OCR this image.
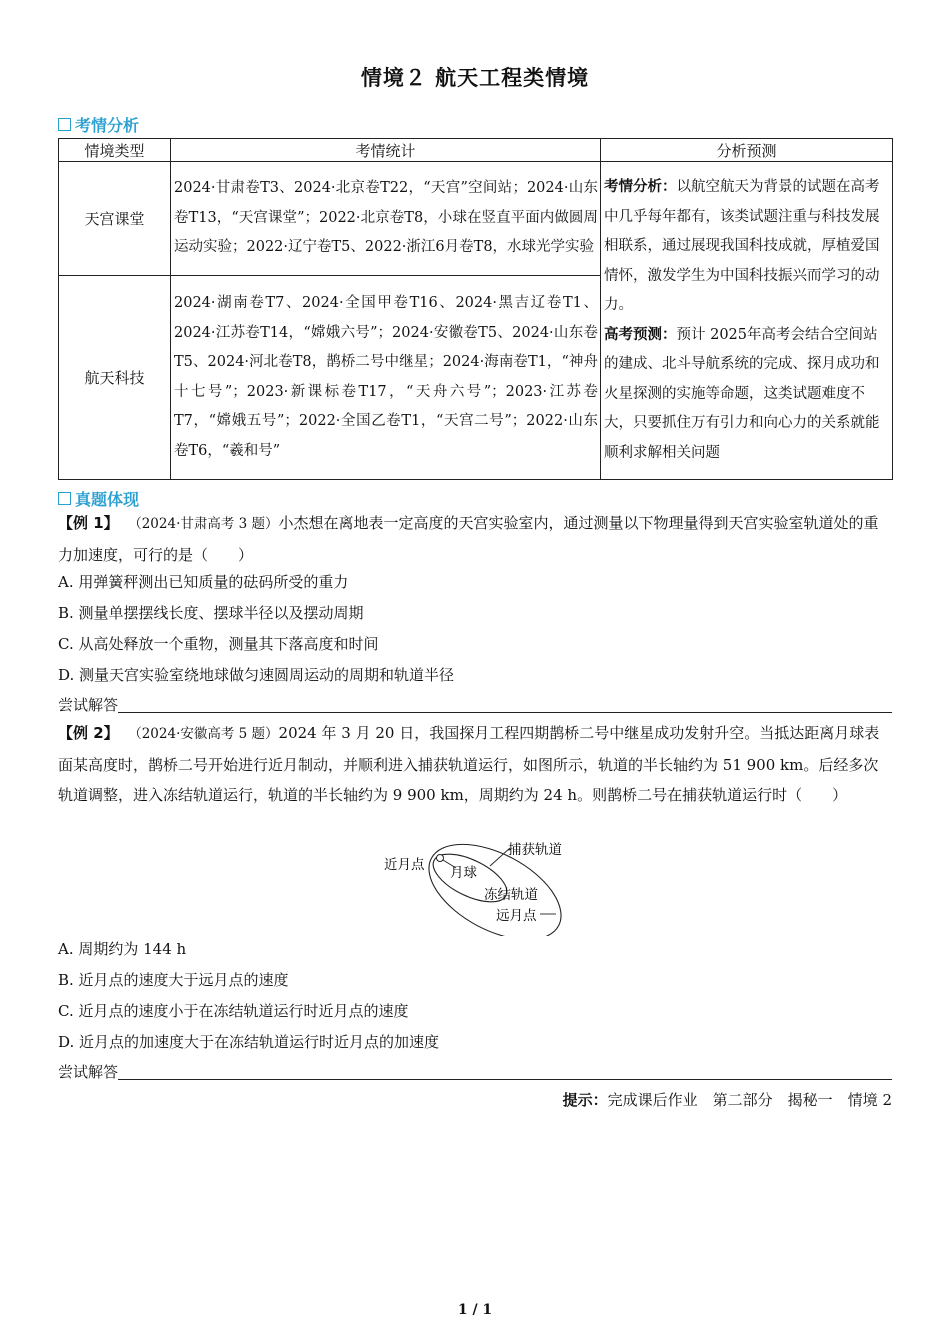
情境２ 航天工程类情境
考情分析
情境类型	考情统计	分析预测
天宫课堂	2024·甘肃卷T3、2024·北京卷T22，“天宫”空间站；2024·山东卷T13，“天宫课堂”；2022·北京卷T8，小球在竖直平面内做圆周运动实验；2022·辽宁卷T5、2022·浙江6月卷T8，水球光学实验	考情分析：以航空航天为背景的试题在高考中几乎每年都有，该类试题注重与科技发展相联系，通过展现我国科技成就，厚植爱国情怀，激发学生为中国科技振兴而学习的动力。
高考预测：预计 2025年高考会结合空间站的建成、北斗导航系统的完成、探月成功和火星探测的实施等命题，这类试题难度不大，只要抓住万有引力和向心力的关系就能顺利求解相关问题
航天科技	2024·湖南卷T7、2024·全国甲卷T16、2024·黑吉辽卷T1、2024·江苏卷T14，“嫦娥六号”；2024·安徽卷T5、2024·山东卷T5、2024·河北卷T8，鹊桥二号中继星；2024·海南卷T1，“神舟十七号”；2023·新课标卷T17，“天舟六号”；2023·江苏卷T7，“嫦娥五号”；2022·全国乙卷T1，“天宫二号”；2022·山东卷T6，“羲和号”	
真题体现
【例 1】 （2024·甘肃高考 3 题）小杰想在离地表一定高度的天宫实验室内，通过测量以下物理量得到天宫实验室轨道处的重力加速度，可行的是（　　）
A. 用弹簧秤测出已知质量的砝码所受的重力
B. 测量单摆摆线长度、摆球半径以及摆动周期
C. 从高处释放一个重物，测量其下落高度和时间
D. 测量天宫实验室绕地球做匀速圆周运动的周期和轨道半径
尝试解答
【例 2】 （2024·安徽高考 5 题）2024 年 3 月 20 日，我国探月工程四期鹊桥二号中继星成功发射升空。当抵达距离月球表面某高度时，鹊桥二号开始进行近月制动，并顺利进入捕获轨道运行，如图所示，轨道的半长轴约为 51 900 km。后经多次轨道调整，进入冻结轨道运行，轨道的半长轴约为 9 900 km，周期约为 24 h。则鹊桥二号在捕获轨道运行时（　　）
近月点 月球
捕获轨道
冻结轨道
远月点
A. 周期约为 144 h
B. 近月点的速度大于远月点的速度
C. 近月点的速度小于在冻结轨道运行时近月点的速度
D. 近月点的加速度大于在冻结轨道运行时近月点的加速度
尝试解答
提示：完成课后作业　第二部分　揭秘一　情境 2
1 / 1
